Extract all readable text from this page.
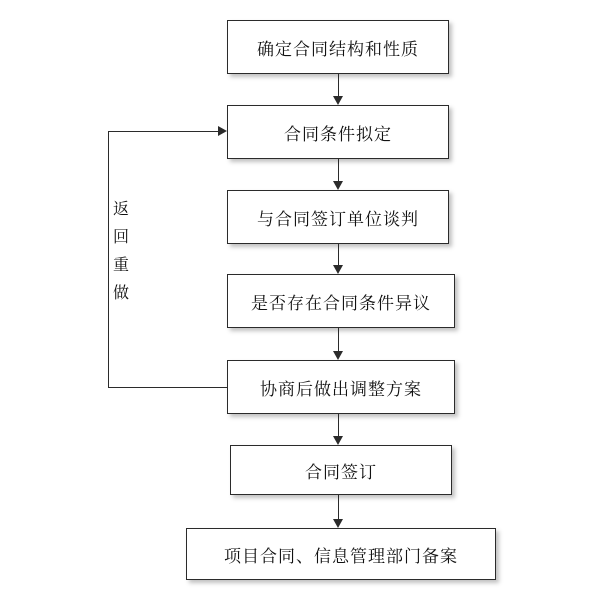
确定合同结构和性质
合同条件拟定
与合同签订单位谈判
是否存在合同条件异议
协商后做出调整方案
合同签订
项目合同、信息管理部门备案
返回重做
